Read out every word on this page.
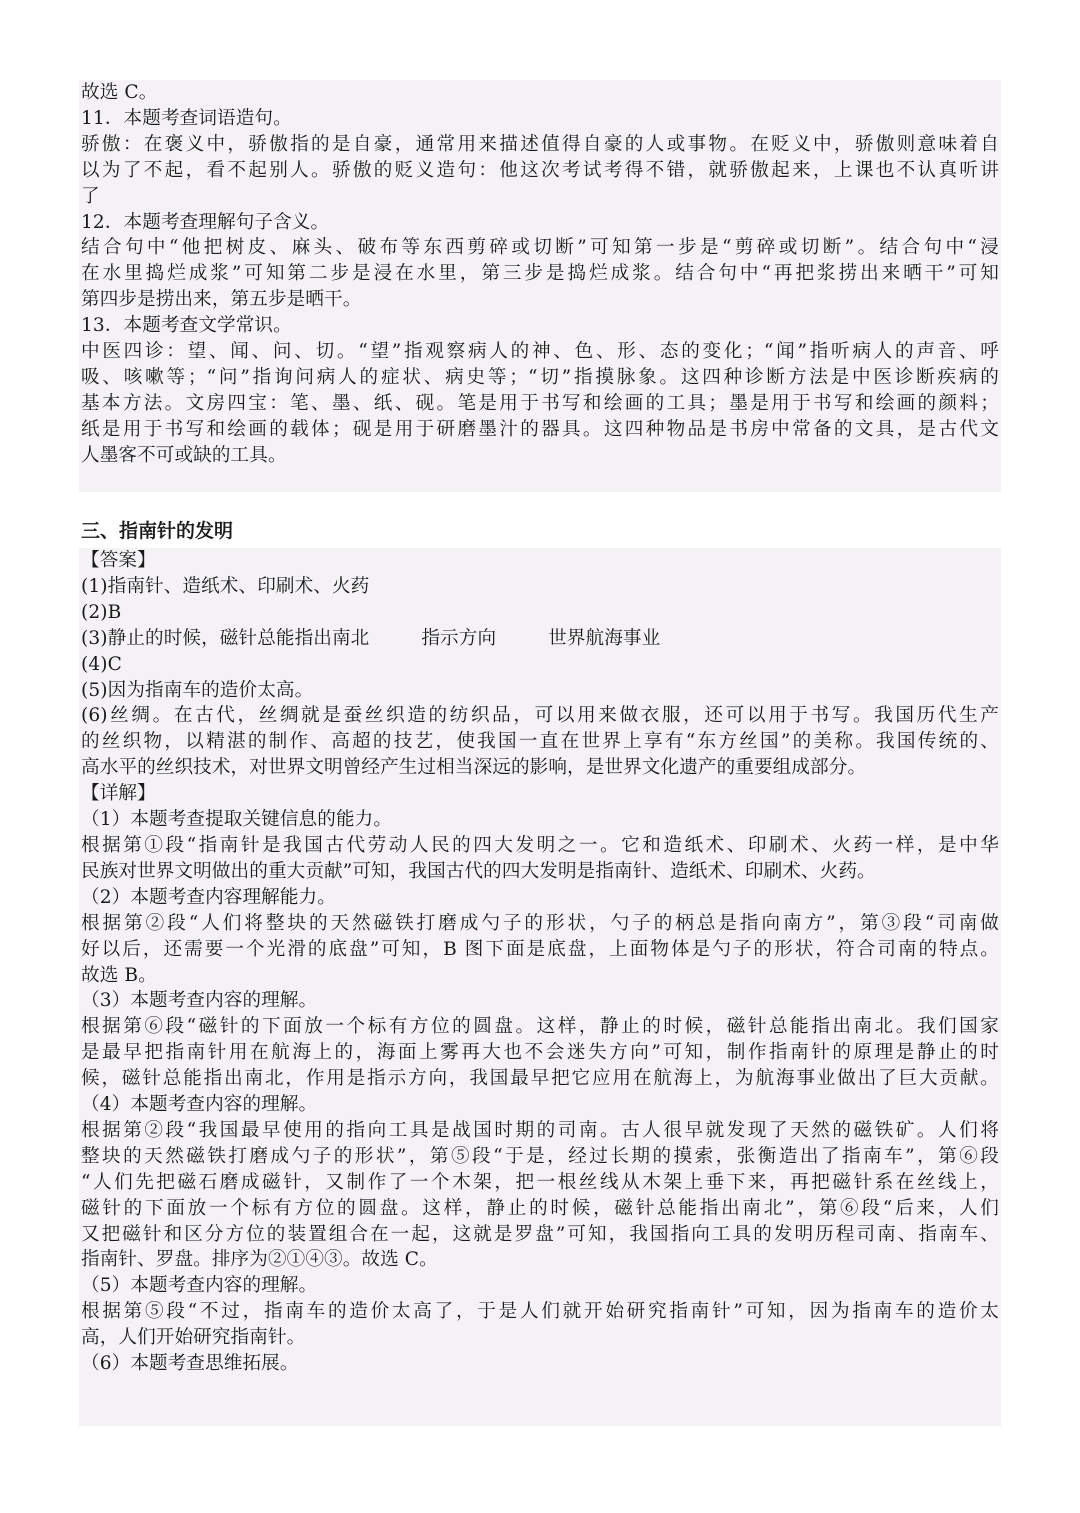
故选 C。
11．本题考查词语造句。
骄傲：在褒义中，骄傲指的是自豪，通常用来描述值得自豪的人或事物。在贬义中，骄傲则意味着自
以为了不起，看不起别人。骄傲的贬义造句：他这次考试考得不错，就骄傲起来，上课也不认真听讲
了
12．本题考查理解句子含义。
结合句中“他把树皮、麻头、破布等东西剪碎或切断”可知第一步是“剪碎或切断”。结合句中“浸
在水里捣烂成浆”可知第二步是浸在水里，第三步是捣烂成浆。结合句中“再把浆捞出来晒干”可知
第四步是捞出来，第五步是晒干。
13．本题考查文学常识。
中医四诊：望、闻、问、切。“望”指观察病人的神、色、形、态的变化；“闻”指听病人的声音、呼
吸、咳嗽等；“问”指询问病人的症状、病史等；“切”指摸脉象。这四种诊断方法是中医诊断疾病的
基本方法。文房四宝：笔、墨、纸、砚。笔是用于书写和绘画的工具；墨是用于书写和绘画的颜料；
纸是用于书写和绘画的载体；砚是用于研磨墨汁的器具。这四种物品是书房中常备的文具，是古代文
人墨客不可或缺的工具。
三、指南针的发明
【答案】
(1)指南针、造纸术、印刷术、火药
(2)B
(3)静止的时候，磁针总能指出南北	指示方向	世界航海事业
(4)C
(5)因为指南车的造价太高。
(6)丝绸。在古代，丝绸就是蚕丝织造的纺织品，可以用来做衣服，还可以用于书写。我国历代生产
的丝织物，以精湛的制作、高超的技艺，使我国一直在世界上享有“东方丝国”的美称。我国传统的、
高水平的丝织技术，对世界文明曾经产生过相当深远的影响，是世界文化遗产的重要组成部分。
【详解】
（1）本题考查提取关键信息的能力。
根据第①段“指南针是我国古代劳动人民的四大发明之一。它和造纸术、印刷术、火药一样，是中华
民族对世界文明做出的重大贡献”可知，我国古代的四大发明是指南针、造纸术、印刷术、火药。
（2）本题考查内容理解能力。
根据第②段“人们将整块的天然磁铁打磨成勺子的形状，勺子的柄总是指向南方”，第③段“司南做
好以后，还需要一个光滑的底盘”可知，B 图下面是底盘，上面物体是勺子的形状，符合司南的特点。
故选 B。
（3）本题考查内容的理解。
根据第⑥段“磁针的下面放一个标有方位的圆盘。这样，静止的时候，磁针总能指出南北。我们国家
是最早把指南针用在航海上的，海面上雾再大也不会迷失方向”可知，制作指南针的原理是静止的时
候，磁针总能指出南北，作用是指示方向，我国最早把它应用在航海上，为航海事业做出了巨大贡献。
（4）本题考查内容的理解。
根据第②段“我国最早使用的指向工具是战国时期的司南。古人很早就发现了天然的磁铁矿。人们将
整块的天然磁铁打磨成勺子的形状”，第⑤段“于是，经过长期的摸索，张衡造出了指南车”，第⑥段
“人们先把磁石磨成磁针，又制作了一个木架，把一根丝线从木架上垂下来，再把磁针系在丝线上，
磁针的下面放一个标有方位的圆盘。这样，静止的时候，磁针总能指出南北”，第⑥段“后来，人们
又把磁针和区分方位的装置组合在一起，这就是罗盘”可知，我国指向工具的发明历程司南、指南车、
指南针、罗盘。排序为②①④③。故选 C。
（5）本题考查内容的理解。
根据第⑤段“不过，指南车的造价太高了，于是人们就开始研究指南针”可知，因为指南车的造价太
高，人们开始研究指南针。
（6）本题考查思维拓展。
